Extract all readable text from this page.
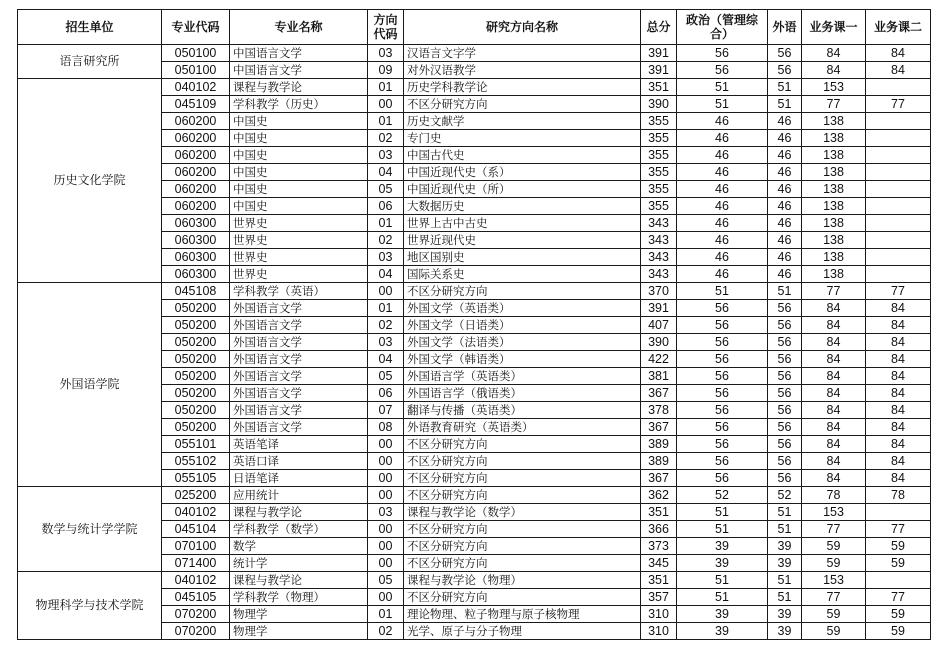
招生单位	专业代码	专业名称	方向代码	研究方向名称	总分	政治（管理综合）	外语	业务课一	业务课二
语言研究所	050100	中国语言文学	03	汉语言文字学	391	56	56	84	84
	050100	中国语言文学	09	对外汉语教学	391	56	56	84	84
历史文化学院	040102	课程与教学论	01	历史学科教学论	351	51	51	153	
	045109	学科教学（历史）	00	不区分研究方向	390	51	51	77	77
	060200	中国史	01	历史文献学	355	46	46	138	
	060200	中国史	02	专门史	355	46	46	138	
	060200	中国史	03	中国古代史	355	46	46	138	
	060200	中国史	04	中国近现代史（系）	355	46	46	138	
	060200	中国史	05	中国近现代史（所）	355	46	46	138	
	060200	中国史	06	大数据历史	355	46	46	138	
	060300	世界史	01	世界上古中古史	343	46	46	138	
	060300	世界史	02	世界近现代史	343	46	46	138	
	060300	世界史	03	地区国别史	343	46	46	138	
	060300	世界史	04	国际关系史	343	46	46	138	
外国语学院	045108	学科教学（英语）	00	不区分研究方向	370	51	51	77	77
	050200	外国语言文学	01	外国文学（英语类）	391	56	56	84	84
	050200	外国语言文学	02	外国文学（日语类）	407	56	56	84	84
	050200	外国语言文学	03	外国文学（法语类）	390	56	56	84	84
	050200	外国语言文学	04	外国文学（韩语类）	422	56	56	84	84
	050200	外国语言文学	05	外国语言学（英语类）	381	56	56	84	84
	050200	外国语言文学	06	外国语言学（俄语类）	367	56	56	84	84
	050200	外国语言文学	07	翻译与传播（英语类）	378	56	56	84	84
	050200	外国语言文学	08	外语教育研究（英语类）	367	56	56	84	84
	055101	英语笔译	00	不区分研究方向	389	56	56	84	84
	055102	英语口译	00	不区分研究方向	389	56	56	84	84
	055105	日语笔译	00	不区分研究方向	367	56	56	84	84
数学与统计学学院	025200	应用统计	00	不区分研究方向	362	52	52	78	78
	040102	课程与教学论	03	课程与教学论（数学）	351	51	51	153	
	045104	学科教学（数学）	00	不区分研究方向	366	51	51	77	77
	070100	数学	00	不区分研究方向	373	39	39	59	59
	071400	统计学	00	不区分研究方向	345	39	39	59	59
物理科学与技术学院	040102	课程与教学论	05	课程与教学论（物理）	351	51	51	153	
	045105	学科教学（物理）	00	不区分研究方向	357	51	51	77	77
	070200	物理学	01	理论物理、粒子物理与原子核物理	310	39	39	59	59
	070200	物理学	02	光学、原子与分子物理	310	39	39	59	59
